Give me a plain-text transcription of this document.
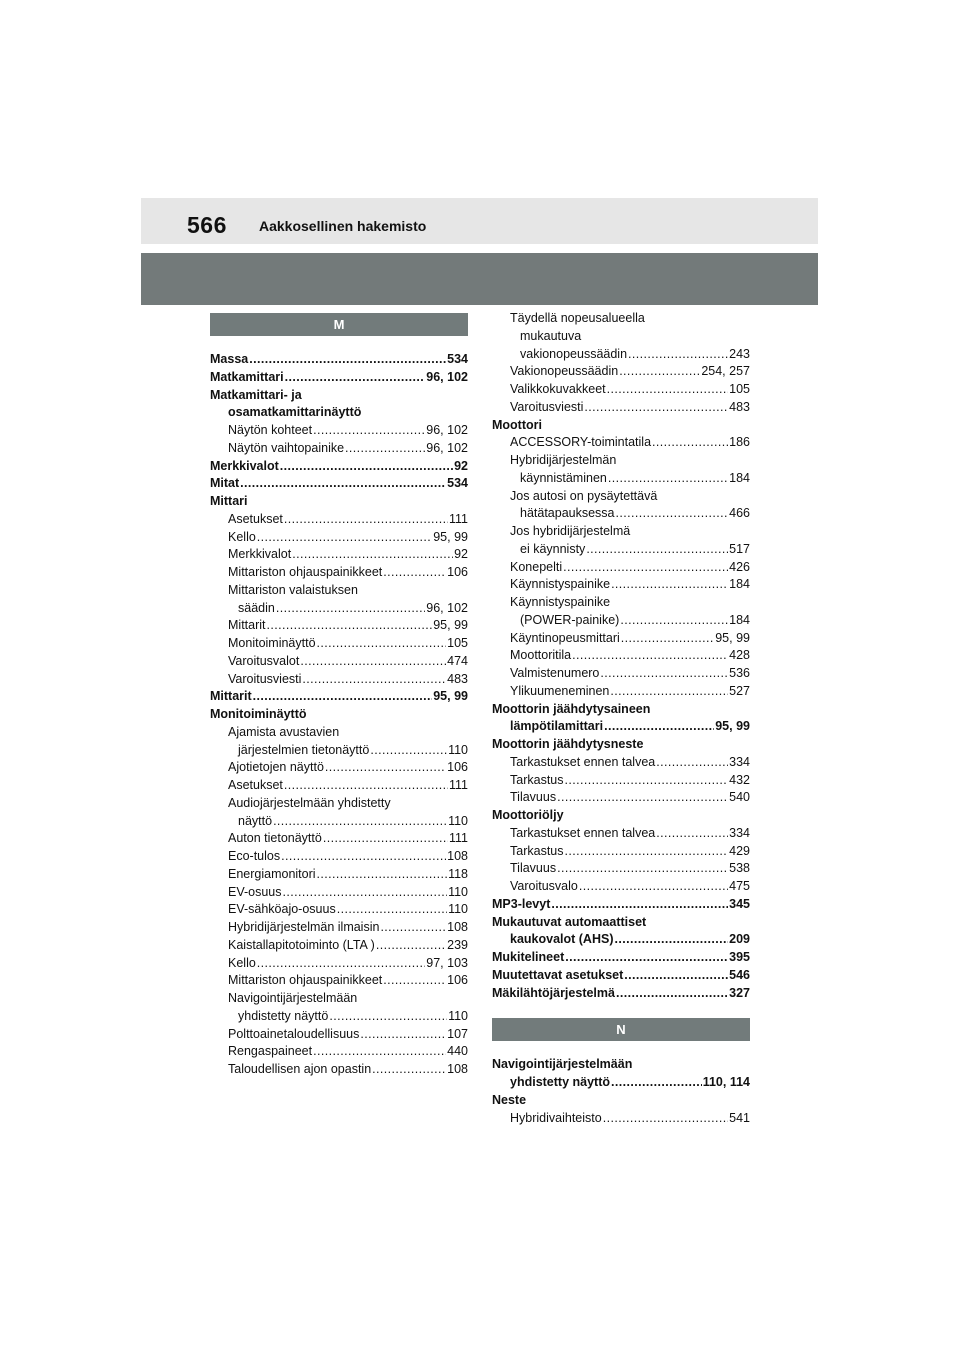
566 Aakkosellinen hakemisto
M
Massa .....	534
Matkamittari .....	96, 102
Matkamittari- ja
osamatkamittarinäyttö
Näytön kohteet .....	96, 102
Näytön vaihtopainike .....	96, 102
Merkkivalot .....	92
Mitat .....	534
Mittari
Asetukset .....	111
Kello .....	95, 99
Merkkivalot .....	92
Mittariston ohjauspainikkeet .....	106
Mittariston valaistuksen
säädin .....	96, 102
Mittarit .....	95, 99
Monitoiminäyttö .....	105
Varoitusvalot .....	474
Varoitusviesti .....	483
Mittarit .....	95, 99
Monitoiminäyttö
Ajamista avustavien
järjestelmien tietonäyttö .....	110
Ajotietojen näyttö .....	106
Asetukset .....	111
Audiojärjestelmään yhdistetty
näyttö .....	110
Auton tietonäyttö .....	111
Eco-tulos .....	108
Energiamonitori .....	118
EV-osuus .....	110
EV-sähköajo-osuus .....	110
Hybridijärjestelmän ilmaisin .....	108
Kaistallapitotoiminto (LTA ) .....	239
Kello .....	97, 103
Mittariston ohjauspainikkeet .....	106
Navigointijärjestelmään
yhdistetty näyttö .....	110
Polttoainetaloudellisuus .....	107
Rengaspaineet .....	440
Taloudellisen ajon opastin .....	108
Täydellä nopeusalueella
mukautuva
vakionopeussäädin .....	243
Vakionopeussäädin .....	254, 257
Valikkokuvakkeet .....	105
Varoitusviesti .....	483
Moottori
ACCESSORY-toimintatila .....	186
Hybridijärjestelmän
käynnistäminen .....	184
Jos autosi on pysäytettävä
hätätapauksessa .....	466
Jos hybridijärjestelmä
ei käynnisty .....	517
Konepelti .....	426
Käynnistyspainike .....	184
Käynnistyspainike
(POWER-painike) .....	184
Käyntinopeusmittari .....	95, 99
Moottoritila .....	428
Valmistenumero .....	536
Ylikuumeneminen .....	527
Moottorin jäähdytysaineen
lämpötilamittari .....	95, 99
Moottorin jäähdytysneste
Tarkastukset ennen talvea .....	334
Tarkastus .....	432
Tilavuus .....	540
Moottoriöljy
Tarkastukset ennen talvea .....	334
Tarkastus .....	429
Tilavuus .....	538
Varoitusvalo .....	475
MP3-levyt .....	345
Mukautuvat automaattiset
kaukovalot (AHS) .....	209
Mukitelineet .....	395
Muutettavat asetukset .....	546
Mäkilähtöjärjestelmä .....	327
N
Navigointijärjestelmään
yhdistetty näyttö .....	110, 114
Neste
Hybridivaihteisto .....	541
